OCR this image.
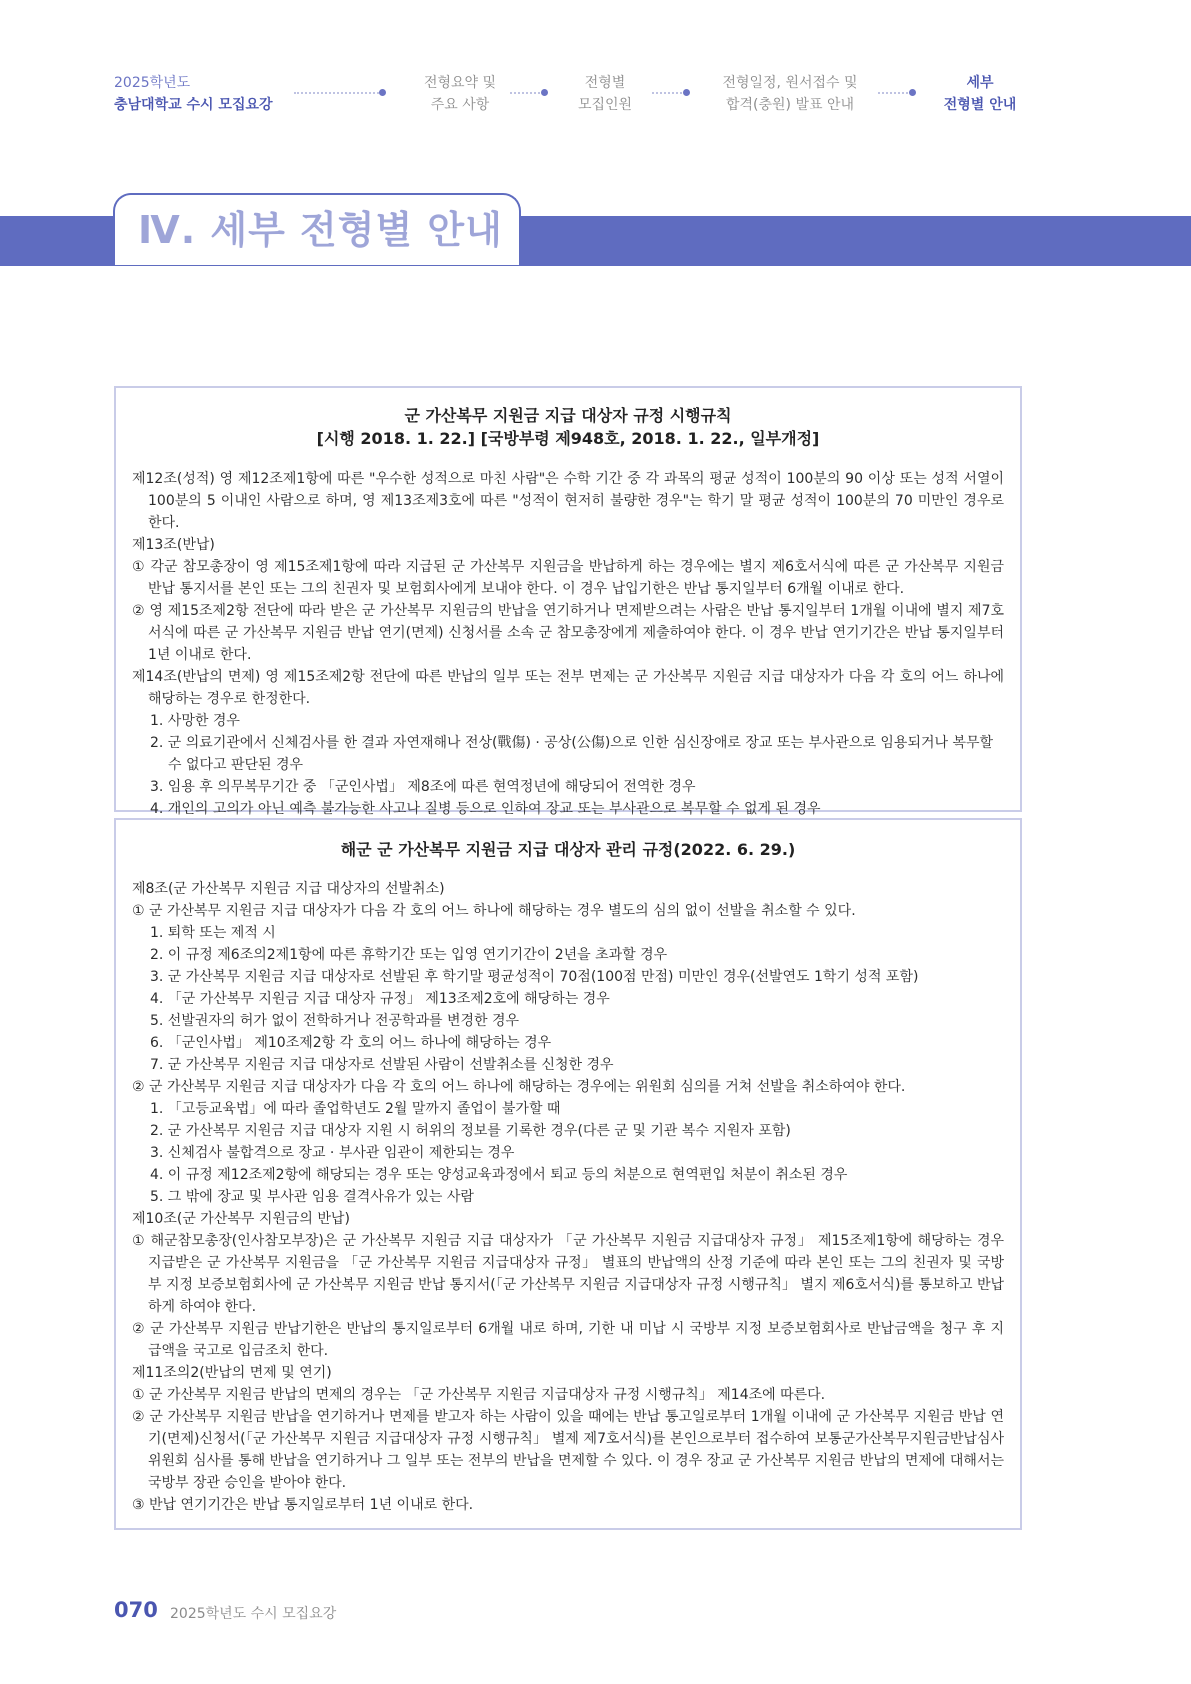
2025학년도
충남대학교 수시 모집요강
전형요약 및
주요 사항
전형별
모집인원
전형일정, 원서접수 및
합격(충원) 발표 안내
세부
전형별 안내
Ⅳ. 세부 전형별 안내
군 가산복무 지원금 지급 대상자 규정 시행규칙
[시행 2018. 1. 22.] [국방부령 제948호, 2018. 1. 22., 일부개정]

제12조(성적) 영 제12조제1항에 따른 "우수한 성적으로 마친 사람"은 수학 기간 중 각 과목의 평균 성적이 100분의 90 이상 또는 성적 서열이 100분의 5 이내인 사람으로 하며, 영 제13조제3호에 따른 "성적이 현저히 불량한 경우"는 학기 말 평균 성적이 100분의 70 미만인 경우로 한다.

제13조(반납)

① 각군 참모총장이 영 제15조제1항에 따라 지급된 군 가산복무 지원금을 반납하게 하는 경우에는 별지 제6호서식에 따른 군 가산복무 지원금 반납 통지서를 본인 또는 그의 친권자 및 보험회사에게 보내야 한다. 이 경우 납입기한은 반납 통지일부터 6개월 이내로 한다.

② 영 제15조제2항 전단에 따라 받은 군 가산복무 지원금의 반납을 연기하거나 면제받으려는 사람은 반납 통지일부터 1개월 이내에 별지 제7호서식에 따른 군 가산복무 지원금 반납 연기(면제) 신청서를 소속 군 참모총장에게 제출하여야 한다. 이 경우 반납 연기기간은 반납 통지일부터 1년 이내로 한다.

제14조(반납의 면제) 영 제15조제2항 전단에 따른 반납의 일부 또는 전부 면제는 군 가산복무 지원금 지급 대상자가 다음 각 호의 어느 하나에 해당하는 경우로 한정한다.

1. 사망한 경우

2. 군 의료기관에서 신체검사를 한 결과 자연재해나 전상(戰傷) · 공상(公傷)으로 인한 심신장애로 장교 또는 부사관으로 임용되거나 복무할 수 없다고 판단된 경우

3. 임용 후 의무복무기간 중 「군인사법」 제8조에 따른 현역정년에 해당되어 전역한 경우

4. 개인의 고의가 아닌 예측 불가능한 사고나 질병 등으로 인하여 장교 또는 부사관으로 복무할 수 없게 된 경우

해군 군 가산복무 지원금 지급 대상자 관리 규정(2022. 6. 29.)

제8조(군 가산복무 지원금 지급 대상자의 선발취소)

① 군 가산복무 지원금 지급 대상자가 다음 각 호의 어느 하나에 해당하는 경우 별도의 심의 없이 선발을 취소할 수 있다.

1. 퇴학 또는 제적 시

2. 이 규정 제6조의2제1항에 따른 휴학기간 또는 입영 연기기간이 2년을 초과할 경우

3. 군 가산복무 지원금 지급 대상자로 선발된 후 학기말 평균성적이 70점(100점 만점) 미만인 경우(선발연도 1학기 성적 포함)

4. 「군 가산복무 지원금 지급 대상자 규정」 제13조제2호에 해당하는 경우

5. 선발권자의 허가 없이 전학하거나 전공학과를 변경한 경우

6. 「군인사법」 제10조제2항 각 호의 어느 하나에 해당하는 경우

7. 군 가산복무 지원금 지급 대상자로 선발된 사람이 선발취소를 신청한 경우

② 군 가산복무 지원금 지급 대상자가 다음 각 호의 어느 하나에 해당하는 경우에는 위원회 심의를 거쳐 선발을 취소하여야 한다.

1. 「고등교육법」에 따라 졸업학년도 2월 말까지 졸업이 불가할 때

2. 군 가산복무 지원금 지급 대상자 지원 시 허위의 정보를 기록한 경우(다른 군 및 기관 복수 지원자 포함)

3. 신체검사 불합격으로 장교 · 부사관 임관이 제한되는 경우

4. 이 규정 제12조제2항에 해당되는 경우 또는 양성교육과정에서 퇴교 등의 처분으로 현역편입 처분이 취소된 경우

5. 그 밖에 장교 및 부사관 임용 결격사유가 있는 사람

제10조(군 가산복무 지원금의 반납)

① 해군참모총장(인사참모부장)은 군 가산복무 지원금 지급 대상자가 「군 가산복무 지원금 지급대상자 규정」 제15조제1항에 해당하는 경우 지급받은 군 가산복무 지원금을 「군 가산복무 지원금 지급대상자 규정」 별표의 반납액의 산정 기준에 따라 본인 또는 그의 친권자 및 국방부 지정 보증보험회사에 군 가산복무 지원금 반납 통지서(「군 가산복무 지원금 지급대상자 규정 시행규칙」 별지 제6호서식)를 통보하고 반납하게 하여야 한다.

② 군 가산복무 지원금 반납기한은 반납의 통지일로부터 6개월 내로 하며, 기한 내 미납 시 국방부 지정 보증보험회사로 반납금액을 청구 후 지급액을 국고로 입금조치 한다.

제11조의2(반납의 면제 및 연기)

① 군 가산복무 지원금 반납의 면제의 경우는 「군 가산복무 지원금 지급대상자 규정 시행규칙」 제14조에 따른다.

② 군 가산복무 지원금 반납을 연기하거나 면제를 받고자 하는 사람이 있을 때에는 반납 통고일로부터 1개월 이내에 군 가산복무 지원금 반납 연기(면제)신청서(「군 가산복무 지원금 지급대상자 규정 시행규칙」 별제 제7호서식)를 본인으로부터 접수하여 보통군가산복무지원금반납심사위원회 심사를 통해 반납을 연기하거나 그 일부 또는 전부의 반납을 면제할 수 있다. 이 경우 장교 군 가산복무 지원금 반납의 면제에 대해서는 국방부 장관 승인을 받아야 한다.

③ 반납 연기기간은 반납 통지일로부터 1년 이내로 한다.

070 2025학년도 수시 모집요강
